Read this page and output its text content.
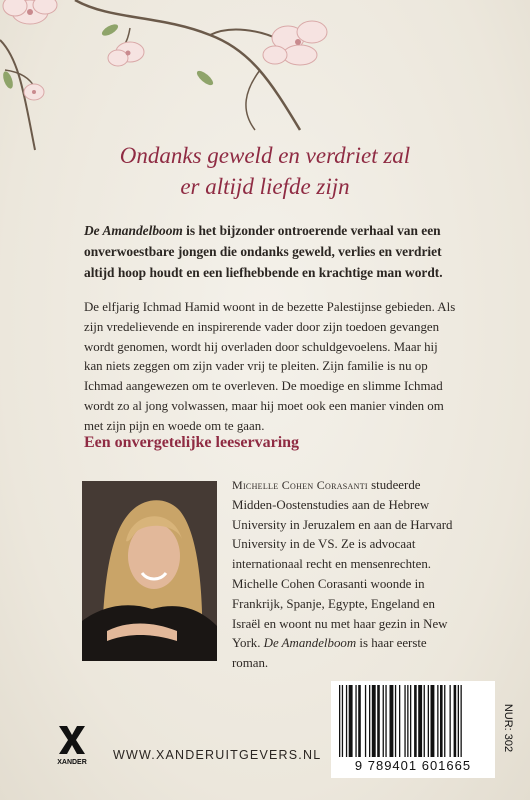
Ondanks geweld en verdriet zal
er altijd liefde zijn
De Amandelboom is het bijzonder ontroerende verhaal van een onverwoestbare jongen die ondanks geweld, verlies en verdriet altijd hoop houdt en een liefhebbende en krachtige man wordt.
De elfjarig Ichmad Hamid woont in de bezette Palestijnse gebieden. Als zijn vredelievende en inspirerende vader door zijn toedoen gevangen wordt genomen, wordt hij overladen door schuldgevoelens. Maar hij kan niets zeggen om zijn vader vrij te pleiten. Zijn familie is nu op Ichmad aangewezen om te overleven. De moedige en slimme Ichmad wordt zo al jong volwassen, maar hij moet ook een manier vinden om met zijn pijn en woede om te gaan.
Een onvergetelijke leeservaring
Michelle Cohen Corasanti studeerde Midden-Oostenstudies aan de Hebrew University in Jeruzalem en aan de Harvard University in de VS. Ze is advocaat internationaal recht en mensenrechten. Michelle Cohen Corasanti woonde in Frankrijk, Spanje, Egypte, Engeland en Israël en woont nu met haar gezin in New York. De Amandelboom is haar eerste roman.
XANDER
WWW.XANDERUITGEVERS.NL
9 789401 601665
NUR: 302
